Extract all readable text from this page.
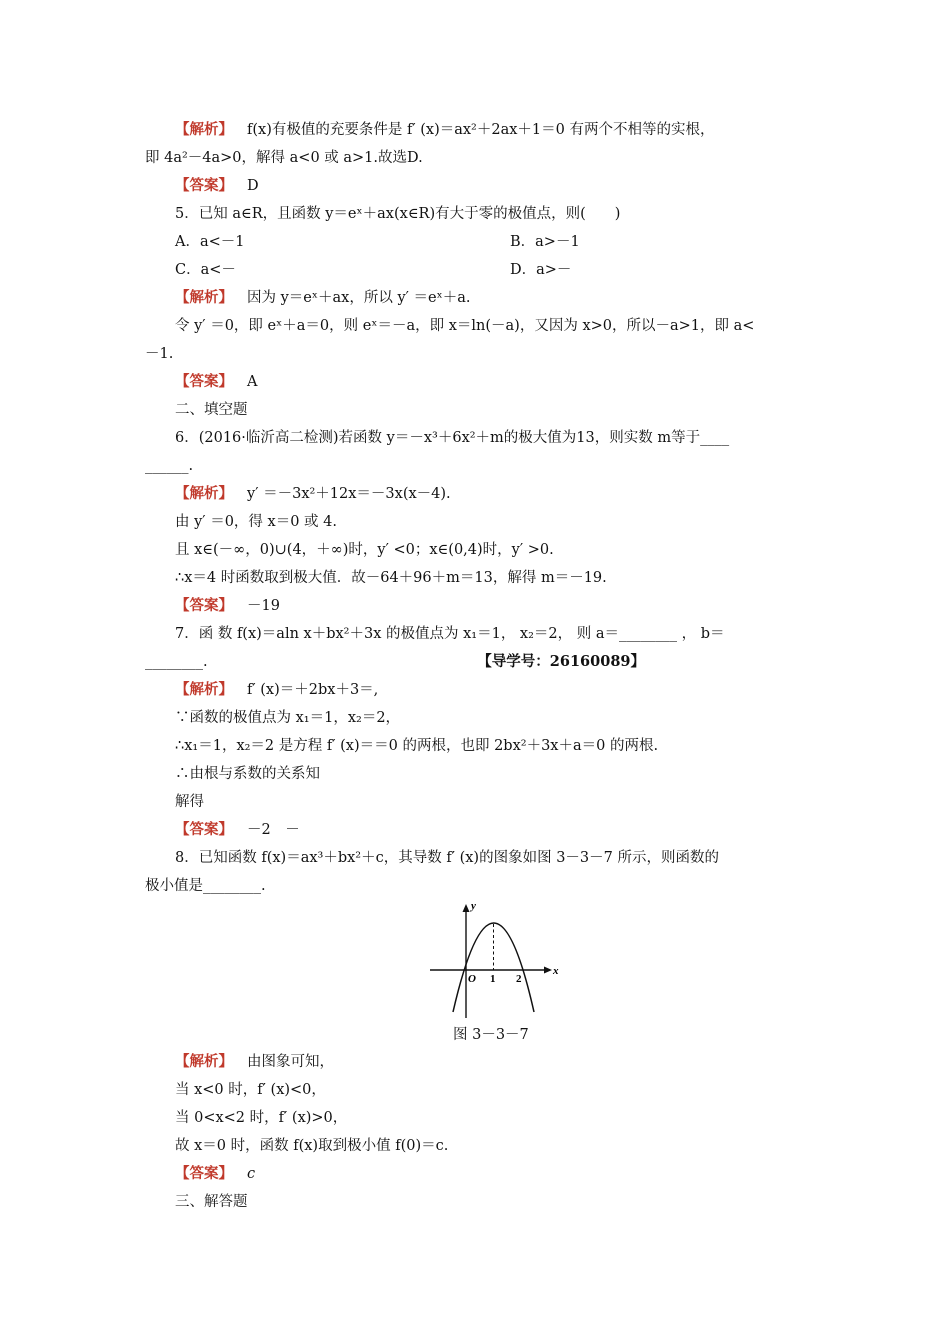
【解析】 f(x)有极值的充要条件是 f′ (x)＝ax²＋2ax＋1＝0 有两个不相等的实根，
即 4a²－4a>0，解得 a<0 或 a>1.故选D.
【答案】 D
5．已知 a∈R，且函数 y＝eˣ＋ax(x∈R)有大于零的极值点，则(　　)
A．a<－1	B．a>－1
C．a<－	D．a>－
【解析】 因为 y＝eˣ＋ax，所以 y′ ＝eˣ＋a.
令 y′ ＝0，即 eˣ＋a＝0，则 eˣ＝－a，即 x＝ln(－a)，又因为 x>0，所以－a>1，即 a<
－1.
【答案】 A
二、填空题
6．(2016·临沂高二检测)若函数 y＝－x³＋6x²＋m的极大值为13，则实数 m等于____
______.
【解析】 y′ ＝－3x²＋12x＝－3x(x－4).
由 y′ ＝0，得 x＝0 或 4.
且 x∈(－∞，0)∪(4，＋∞)时，y′ <0；x∈(0,4)时，y′ >0.
∴x＝4 时函数取到极大值．故－64＋96＋m＝13，解得 m＝－19.
【答案】 －19
7．函 数 f(x)＝aln x＋bx²＋3x 的极值点为 x₁＝1， x₂＝2， 则 a＝________ ， b＝
________.	【导学号：26160089】
【解析】 f′ (x)＝＋2bx＋3＝,
∵函数的极值点为 x₁＝1，x₂＝2，
∴x₁＝1，x₂＝2 是方程 f′ (x)＝＝0 的两根，也即 2bx²＋3x＋a＝0 的两根.
∴由根与系数的关系知
解得
【答案】 －2　－
8．已知函数 f(x)＝ax³＋bx²＋c，其导数 f′ (x)的图象如图 3－3－7 所示，则函数的
极小值是________.
y
x
O 1 2
图 3－3－7
【解析】 由图象可知，
当 x<0 时，f′ (x)<0，
当 0<x<2 时，f′ (x)>0，
故 x＝0 时，函数 f(x)取到极小值 f(0)＝c.
【答案】 c
三、解答题
